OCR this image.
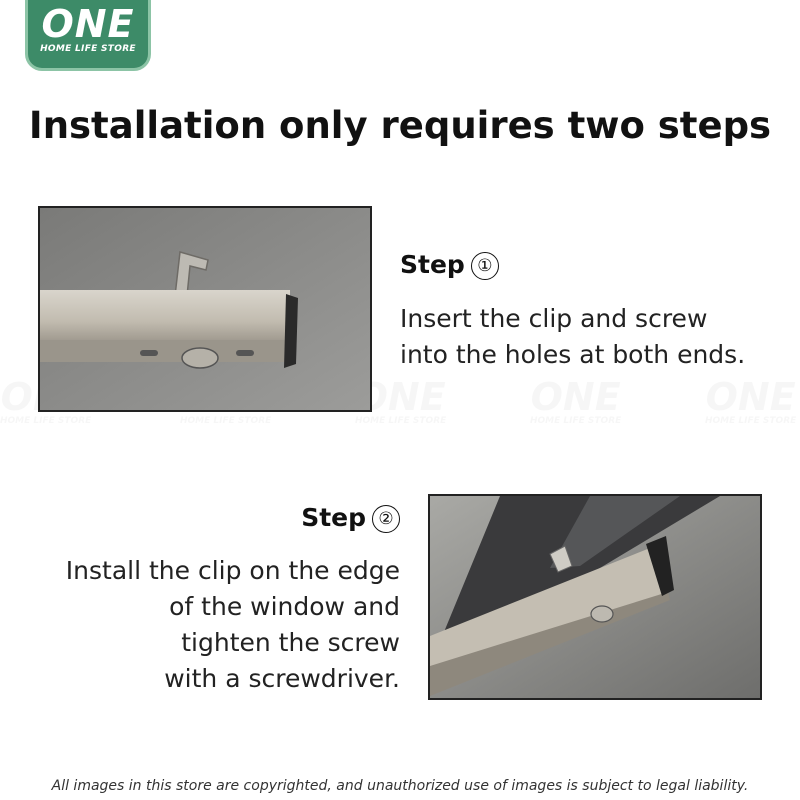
ONE
HOME LIFE STORE
Installation only requires two steps
Step ①
Insert the clip and screw
into the holes at both ends.
Step ②
Install the clip on the edge
of the window and
tighten the screw
with a screwdriver.
All images in this store are copyrighted, and unauthorized use of images is subject to legal liability.
